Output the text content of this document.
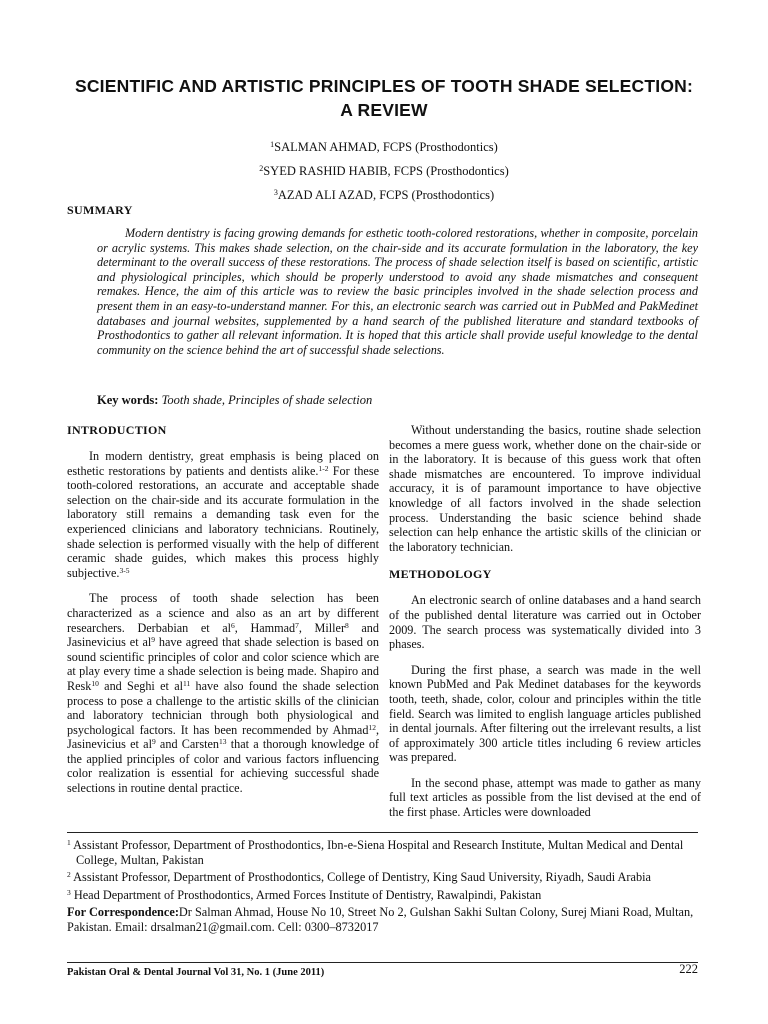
SCIENTIFIC AND ARTISTIC PRINCIPLES OF TOOTH SHADE SELECTION:
A REVIEW
$^1$SALMAN AHMAD, FCPS (Prosthodontics)
$^2$SYED RASHID HABIB, FCPS (Prosthodontics)
$^3$AZAD ALI AZAD, FCPS (Prosthodontics)
SUMMARY

Modern dentistry is facing growing demands for esthetic tooth-colored restorations, whether in composite, porcelain or acrylic systems. This makes shade selection, on the chair-side and its accurate formulation in the laboratory, the key determinant to the overall success of these restorations. The process of shade selection itself is based on scientific, artistic and physiological principles, which should be properly understood to avoid any shade mismatches and consequent remakes. Hence, the aim of this article was to review the basic principles involved in the shade selection process and present them in an easy-to-understand manner. For this, an electronic search was carried out in PubMed and PakMedinet databases and journal websites, supplemented by a hand search of the published literature and standard textbooks of Prosthodontics to gather all relevant information. It is hoped that this article shall provide useful knowledge to the dental community on the science behind the art of successful shade selections.

Key words: Tooth shade, Principles of shade selection
INTRODUCTION

In modern dentistry, great emphasis is being placed on esthetic restorations by patients and dentists alike.$^{1-2}$ For these tooth-colored restorations, an accurate and acceptable shade selection on the chair-side and its accurate formulation in the laboratory still remains a demanding task even for the experienced clinicians and laboratory technicians. Routinely, shade selection is performed visually with the help of different ceramic shade guides, which makes this process highly subjective.$^{3-5}$

The process of tooth shade selection has been characterized as a science and also as an art by different researchers. Derbabian et $al^6$, Hammad$^7$, Miller$^8$ and Jasinevicius et $al^9$ have agreed that shade selection is based on sound scientific principles of color and color science which are at play every time a shade selection is being made. Shapiro and Resk$^{10}$ and Seghi et $al^{11}$ have also found the shade selection process to pose a challenge to the artistic skills of the clinician and laboratory technician through both physiological and psychological factors. It has been recommended by Ahmad$^{12}$, Jasinevicius et $al^9$ and Carsten$^{13}$ that a thorough knowledge of the applied principles of color and various factors influencing color realization is essential for achieving successful shade selections in routine dental practice.

Without understanding the basics, routine shade selection becomes a mere guess work, whether done on the chair-side or in the laboratory. It is because of this guess work that often shade mismatches are encountered. To improve individual accuracy, it is of paramount importance to have objective knowledge of all factors involved in the shade selection process. Understanding the basic science behind shade selection can help enhance the artistic skills of the clinician or the laboratory technician.

METHODOLOGY

An electronic search of online databases and a hand search of the published dental literature was carried out in October 2009. The search process was systematically divided into 3 phases.

During the first phase, a search was made in the well known PubMed and Pak Medinet databases for the keywords tooth, teeth, shade, color, colour and principles within the title field. Search was limited to english language articles published in dental journals. After filtering out the irrelevant results, a list of approximately 300 article titles including 6 review articles was prepared.

In the second phase, attempt was made to gather as many full text articles as possible from the list devised at the end of the first phase. Articles were downloaded

$^1$ Assistant Professor, Department of Prosthodontics, Ibn-e-Siena Hospital and Research Institute, Multan Medical and Dental College, Multan, Pakistan

$^2$ Assistant Professor, Department of Prosthodontics, College of Dentistry, King Saud University, Riyadh, Saudi Arabia

$^3$ Head Department of Prosthodontics, Armed Forces Institute of Dentistry, Rawalpindi, Pakistan

For Correspondence:Dr Salman Ahmad, House No 10, Street No 2, Gulshan Sakhi Sultan Colony, Surej Miani Road, Multan, Pakistan. Email: drsalman21@gmail.com. Cell: 0300–8732017

Pakistan Oral & Dental Journal Vol 31, No. 1 (June 2011)	222
